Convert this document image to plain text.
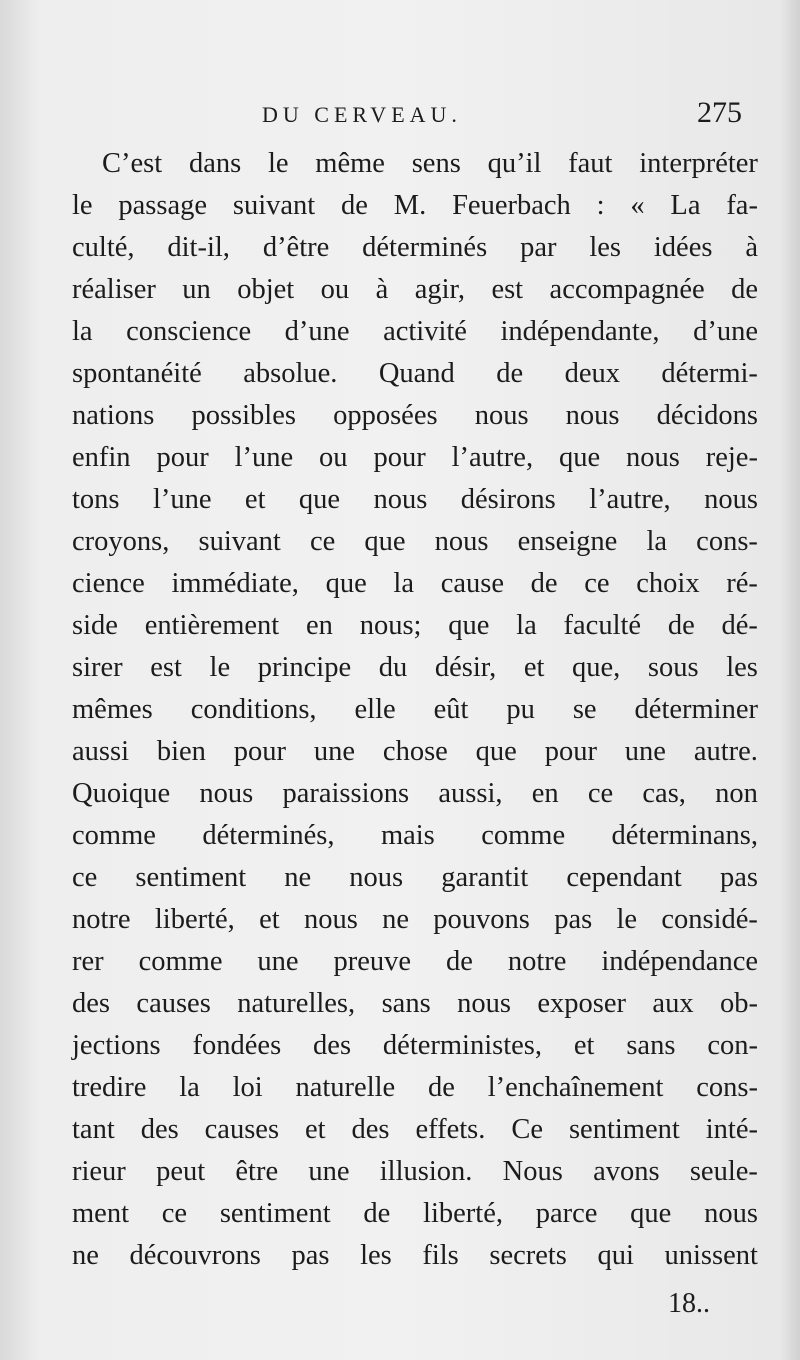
DU CERVEAU.	275
C’est dans le même sens qu’il faut interpréter
le passage suivant de M. Feuerbach : « La fa-
culté, dit-il, d’être déterminés par les idées à
réaliser un objet ou à agir, est accompagnée de
la conscience d’une activité indépendante, d’une
spontanéité absolue. Quand de deux détermi-
nations possibles opposées nous nous décidons
enfin pour l’une ou pour l’autre, que nous reje-
tons l’une et que nous désirons l’autre, nous
croyons, suivant ce que nous enseigne la cons-
cience immédiate, que la cause de ce choix ré-
side entièrement en nous; que la faculté de dé-
sirer est le principe du désir, et que, sous les
mêmes conditions, elle eût pu se déterminer
aussi bien pour une chose que pour une autre.
Quoique nous paraissions aussi, en ce cas, non
comme déterminés, mais comme déterminans,
ce sentiment ne nous garantit cependant pas
notre liberté, et nous ne pouvons pas le considé-
rer comme une preuve de notre indépendance
des causes naturelles, sans nous exposer aux ob-
jections fondées des déterministes, et sans con-
tredire la loi naturelle de l’enchaînement cons-
tant des causes et des effets. Ce sentiment inté-
rieur peut être une illusion. Nous avons seule-
ment ce sentiment de liberté, parce que nous
ne découvrons pas les fils secrets qui unissent
18..
